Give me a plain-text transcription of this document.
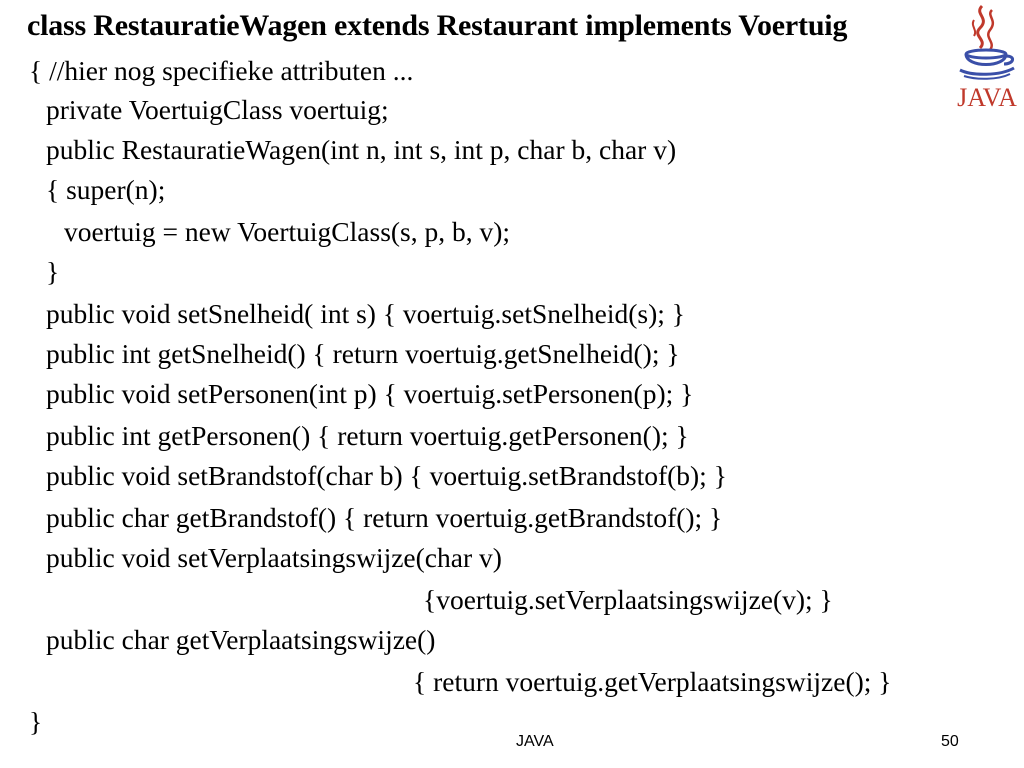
class RestauratieWagen extends Restaurant implements Voertuig
{ //hier nog specifieke attributen ...
private VoertuigClass voertuig;
public RestauratieWagen(int n, int s, int p, char b, char v)
{ super(n);
voertuig = new VoertuigClass(s, p, b, v);
}
public void setSnelheid( int s) { voertuig.setSnelheid(s); }
public int getSnelheid() { return voertuig.getSnelheid(); }
public void setPersonen(int p) { voertuig.setPersonen(p); }
public int getPersonen() { return voertuig.getPersonen(); }
public void setBrandstof(char b) { voertuig.setBrandstof(b); }
public char getBrandstof() { return voertuig.getBrandstof(); }
public void setVerplaatsingswijze(char v)
{voertuig.setVerplaatsingswijze(v); }
public char getVerplaatsingswijze()
{ return voertuig.getVerplaatsingswijze(); }
}
JAVA
JAVA	50
